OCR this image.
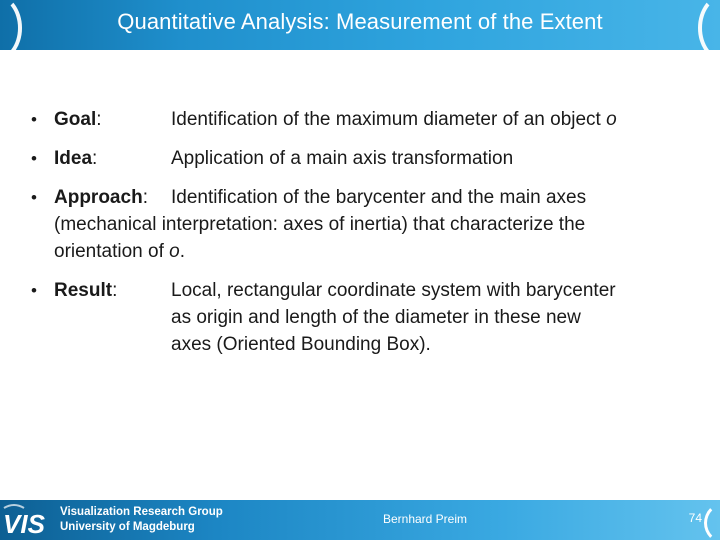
Quantitative Analysis: Measurement of the Extent
• Goal:	Identification of the maximum diameter of an object o
• Idea:	Application of a main axis transformation
• Approach: Identification of the barycenter and the main axes
(mechanical interpretation: axes of inertia) that characterize the
orientation of o.
• Result:	Local, rectangular coordinate system with barycenter
as origin and length of the diameter in these new
axes (Oriented Bounding Box).
VIS Visualization Research Group
University of Magdeburg
Bernhard Preim	74
